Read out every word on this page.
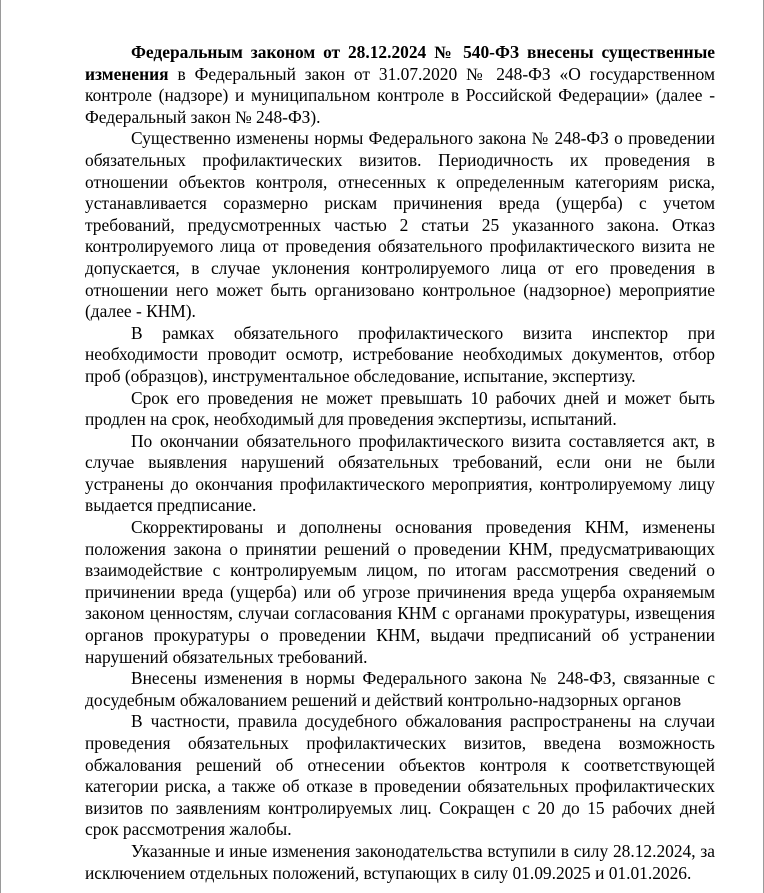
Федеральным законом от 28.12.2024 № 540-ФЗ внесены существенные изменения в Федеральный закон от 31.07.2020 № 248-ФЗ «О государственном контроле (надзоре) и муниципальном контроле в Российской Федерации» (далее - Федеральный закон № 248-ФЗ).

Существенно изменены нормы Федерального закона № 248-ФЗ о проведении обязательных профилактических визитов. Периодичность их проведения в отношении объектов контроля, отнесенных к определенным категориям риска, устанавливается соразмерно рискам причинения вреда (ущерба) с учетом требований, предусмотренных частью 2 статьи 25 указанного закона. Отказ контролируемого лица от проведения обязательного профилактического визита не допускается, в случае уклонения контролируемого лица от его проведения в отношении него может быть организовано контрольное (надзорное) мероприятие (далее - КНМ).

В рамках обязательного профилактического визита инспектор при необходимости проводит осмотр, истребование необходимых документов, отбор проб (образцов), инструментальное обследование, испытание, экспертизу.

Срок его проведения не может превышать 10 рабочих дней и может быть продлен на срок, необходимый для проведения экспертизы, испытаний.

По окончании обязательного профилактического визита составляется акт, в случае выявления нарушений обязательных требований, если они не были устранены до окончания профилактического мероприятия, контролируемому лицу выдается предписание.

Скорректированы и дополнены основания проведения КНМ, изменены положения закона о принятии решений о проведении КНМ, предусматривающих взаимодействие с контролируемым лицом, по итогам рассмотрения сведений о причинении вреда (ущерба) или об угрозе причинения вреда ущерба охраняемым законом ценностям, случаи согласования КНМ с органами прокуратуры, извещения органов прокуратуры о проведении КНМ, выдачи предписаний об устранении нарушений обязательных требований.

Внесены изменения в нормы Федерального закона № 248-ФЗ, связанные с досудебным обжалованием решений и действий контрольно-надзорных органов

В частности, правила досудебного обжалования распространены на случаи проведения обязательных профилактических визитов, введена возможность обжалования решений об отнесении объектов контроля к соответствующей категории риска, а также об отказе в проведении обязательных профилактических визитов по заявлениям контролируемых лиц. Сокращен с 20 до 15 рабочих дней срок рассмотрения жалобы.

Указанные и иные изменения законодательства вступили в силу 28.12.2024, за исключением отдельных положений, вступающих в силу 01.09.2025 и 01.01.2026.
